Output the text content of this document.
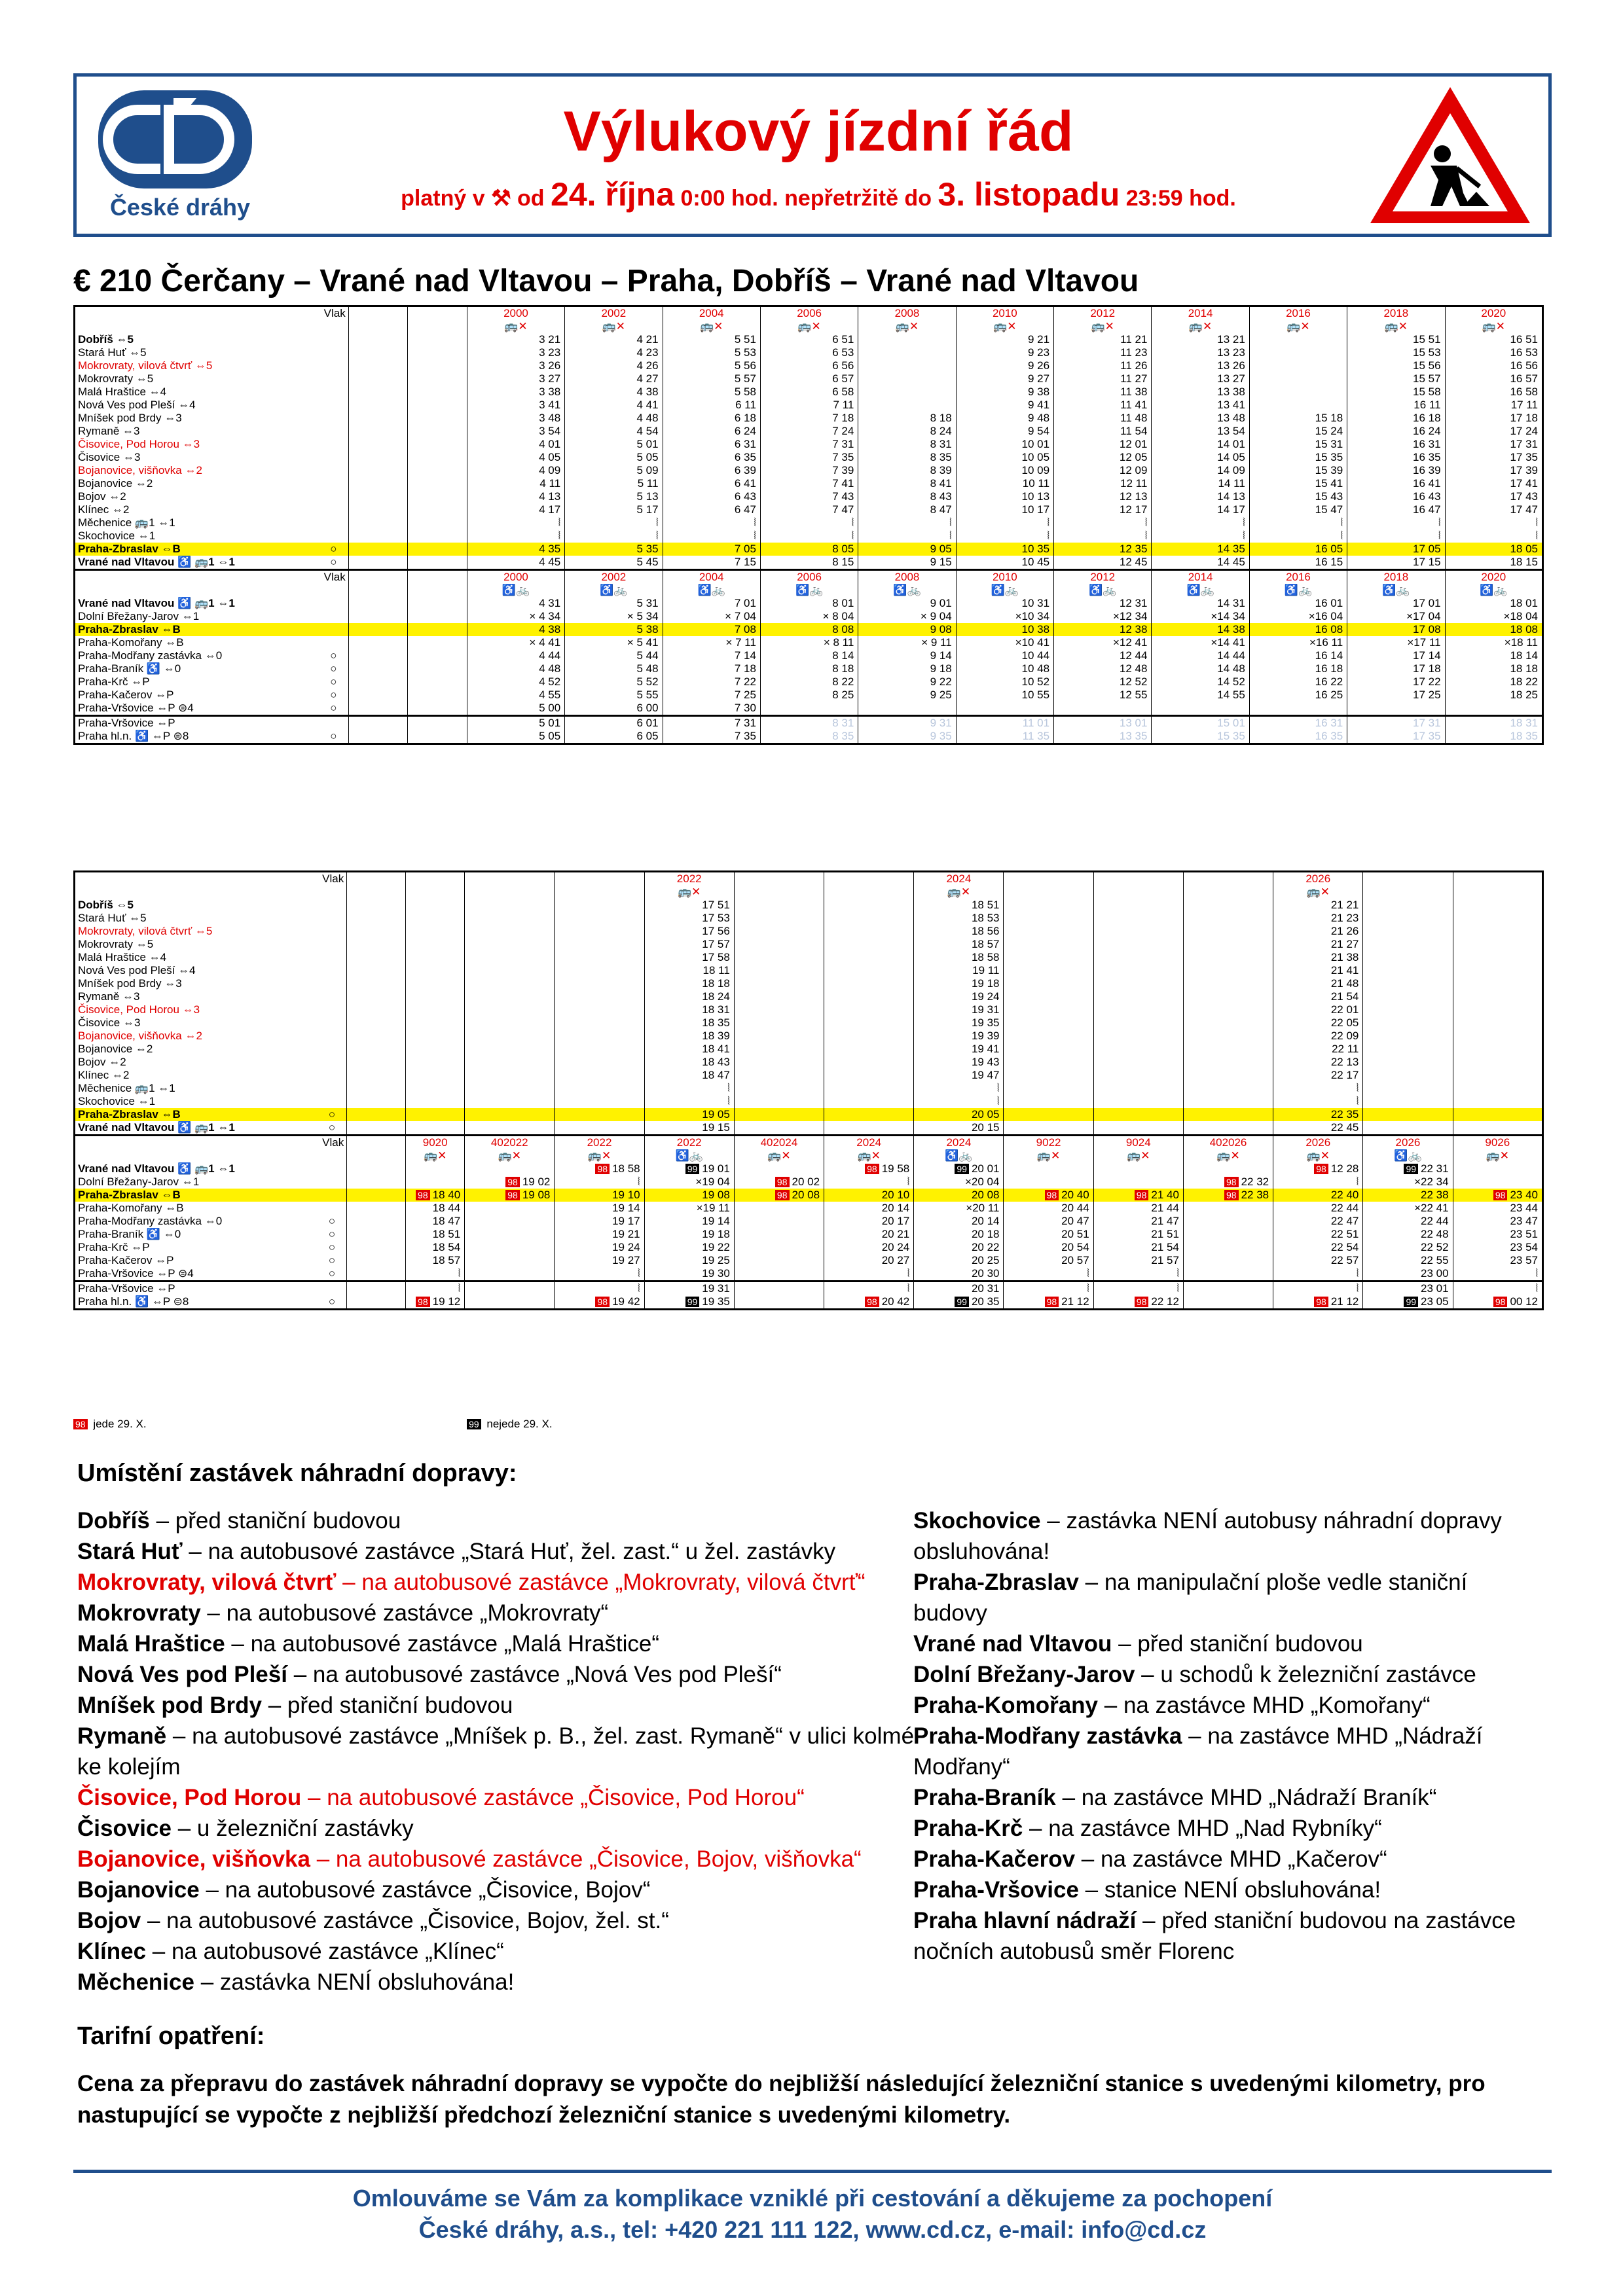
České dráhy
Výlukový jízdní řád
platný v ⚒ od 24. října 0:00 hod. nepřetržitě do 3. listopadu 23:59 hod.
€ 210 Čerčany – Vrané nad Vltavou – Praha, Dobříš – Vrané nad Vltavou
Vlak				2000	2002	2004	2006	2008	2010	2012	2014	2016	2018	2020
				🚌✕	🚌✕	🚌✕	🚌✕	🚌✕	🚌✕	🚌✕	🚌✕	🚌✕	🚌✕	🚌✕
Dobříš ⇔5				3 21	4 21	5 51	6 51		9 21	11 21	13 21		15 51	16 51
Stará Huť ⇔5				3 23	4 23	5 53	6 53		9 23	11 23	13 23		15 53	16 53
Mokrovraty, vilová čtvrť ⇔5				3 26	4 26	5 56	6 56		9 26	11 26	13 26		15 56	16 56
Mokrovraty ⇔5				3 27	4 27	5 57	6 57		9 27	11 27	13 27		15 57	16 57
Malá Hraštice ⇔4				3 38	4 38	5 58	6 58		9 38	11 38	13 38		15 58	16 58
Nová Ves pod Pleší ⇔4				3 41	4 41	6 11	7 11		9 41	11 41	13 41		16 11	17 11
Mníšek pod Brdy ⇔3				3 48	4 48	6 18	7 18	8 18	9 48	11 48	13 48	15 18	16 18	17 18
Rymaně ⇔3				3 54	4 54	6 24	7 24	8 24	9 54	11 54	13 54	15 24	16 24	17 24
Čisovice, Pod Horou ⇔3				4 01	5 01	6 31	7 31	8 31	10 01	12 01	14 01	15 31	16 31	17 31
Čisovice ⇔3				4 05	5 05	6 35	7 35	8 35	10 05	12 05	14 05	15 35	16 35	17 35
Bojanovice, višňovka ⇔2				4 09	5 09	6 39	7 39	8 39	10 09	12 09	14 09	15 39	16 39	17 39
Bojanovice ⇔2				4 11	5 11	6 41	7 41	8 41	10 11	12 11	14 11	15 41	16 41	17 41
Bojov ⇔2				4 13	5 13	6 43	7 43	8 43	10 13	12 13	14 13	15 43	16 43	17 43
Klínec ⇔2				4 17	5 17	6 47	7 47	8 47	10 17	12 17	14 17	15 47	16 47	17 47
Měchenice 🚌1 ⇔1				⦚	⦚	⦚	⦚	⦚	⦚	⦚	⦚	⦚	⦚	⦚
Skochovice ⇔1				⦚	⦚	⦚	⦚	⦚	⦚	⦚	⦚	⦚	⦚	⦚
Praha-Zbraslav ⇔B	○			4 35	5 35	7 05	8 05	9 05	10 35	12 35	14 35	16 05	17 05	18 05
Vrané nad Vltavou ♿ 🚌1 ⇔1	○			4 45	5 45	7 15	8 15	9 15	10 45	12 45	14 45	16 15	17 15	18 15
Vlak				2000	2002	2004	2006	2008	2010	2012	2014	2016	2018	2020
				♿🚲	♿🚲	♿🚲	♿🚲	♿🚲	♿🚲	♿🚲	♿🚲	♿🚲	♿🚲	♿🚲
Vrané nad Vltavou ♿ 🚌1 ⇔1				4 31	5 31	7 01	8 01	9 01	10 31	12 31	14 31	16 01	17 01	18 01
Dolní Břežany-Jarov ⇔1				× 4 34	× 5 34	× 7 04	× 8 04	× 9 04	×10 34	×12 34	×14 34	×16 04	×17 04	×18 04
Praha-Zbraslav ⇔B				4 38	5 38	7 08	8 08	9 08	10 38	12 38	14 38	16 08	17 08	18 08
Praha-Komořany ⇔B				× 4 41	× 5 41	× 7 11	× 8 11	× 9 11	×10 41	×12 41	×14 41	×16 11	×17 11	×18 11
Praha-Modřany zastávka ⇔0	○			4 44	5 44	7 14	8 14	9 14	10 44	12 44	14 44	16 14	17 14	18 14
Praha-Braník ♿ ⇔0	○			4 48	5 48	7 18	8 18	9 18	10 48	12 48	14 48	16 18	17 18	18 18
Praha-Krč ⇔P	○			4 52	5 52	7 22	8 22	9 22	10 52	12 52	14 52	16 22	17 22	18 22
Praha-Kačerov ⇔P	○			4 55	5 55	7 25	8 25	9 25	10 55	12 55	14 55	16 25	17 25	18 25
Praha-Vršovice ⇔P ⊜4	○			5 00	6 00	7 30								
Praha-Vršovice ⇔P				5 01	6 01	7 31	8 31	9 31	11 01	13 01	15 01	16 31	17 31	18 31
Praha hl.n. ♿ ⇔P ⊜8	○			5 05	6 05	7 35	8 35	9 35	11 35	13 35	15 35	16 35	17 35	18 35
Vlak						2022			2024				2026		
						🚌✕			🚌✕				🚌✕		
Dobříš ⇔5						17 51			18 51				21 21		
Stará Huť ⇔5						17 53			18 53				21 23		
Mokrovraty, vilová čtvrť ⇔5						17 56			18 56				21 26		
Mokrovraty ⇔5						17 57			18 57				21 27		
Malá Hraštice ⇔4						17 58			18 58				21 38		
Nová Ves pod Pleší ⇔4						18 11			19 11				21 41		
Mníšek pod Brdy ⇔3						18 18			19 18				21 48		
Rymaně ⇔3						18 24			19 24				21 54		
Čisovice, Pod Horou ⇔3						18 31			19 31				22 01		
Čisovice ⇔3						18 35			19 35				22 05		
Bojanovice, višňovka ⇔2						18 39			19 39				22 09		
Bojanovice ⇔2						18 41			19 41				22 11		
Bojov ⇔2						18 43			19 43				22 13		
Klínec ⇔2						18 47			19 47				22 17		
Měchenice 🚌1 ⇔1						⦚			⦚				⦚		
Skochovice ⇔1						⦚			⦚				⦚		
Praha-Zbraslav ⇔B	○					19 05			20 05				22 35		
Vrané nad Vltavou ♿ 🚌1 ⇔1	○					19 15			20 15				22 45		
Vlak			9020	402022	2022	2022	402024	2024	2024	9022	9024	402026	2026	2026	9026
			🚌✕	🚌✕	🚌✕	♿🚲	🚌✕	🚌✕	♿🚲	🚌✕	🚌✕	🚌✕	🚌✕	♿🚲	🚌✕
Vrané nad Vltavou ♿ 🚌1 ⇔1					98 18 58	99 19 01		98 19 58	99 20 01				98 12 28	99 22 31	
Dolní Břežany-Jarov ⇔1				98 19 02	⦚	×19 04	98 20 02	⦚	×20 04			98 22 32	⦚	×22 34	
Praha-Zbraslav ⇔B			98 18 40	98 19 08	19 10	19 08	98 20 08	20 10	20 08	98 20 40	98 21 40	98 22 38	22 40	22 38	98 23 40
Praha-Komořany ⇔B			18 44		19 14	×19 11		20 14	×20 11	20 44	21 44		22 44	×22 41	23 44
Praha-Modřany zastávka ⇔0	○		18 47		19 17	19 14		20 17	20 14	20 47	21 47		22 47	22 44	23 47
Praha-Braník ♿ ⇔0	○		18 51		19 21	19 18		20 21	20 18	20 51	21 51		22 51	22 48	23 51
Praha-Krč ⇔P	○		18 54		19 24	19 22		20 24	20 22	20 54	21 54		22 54	22 52	23 54
Praha-Kačerov ⇔P	○		18 57		19 27	19 25		20 27	20 25	20 57	21 57		22 57	22 55	23 57
Praha-Vršovice ⇔P ⊜4	○		⦚		⦚	19 30		⦚	20 30	⦚	⦚		⦚	23 00	⦚
Praha-Vršovice ⇔P			⦚		⦚	19 31		⦚	20 31	⦚	⦚		⦚	23 01	⦚
Praha hl.n. ♿ ⇔P ⊜8	○		98 19 12		98 19 42	99 19 35		98 20 42	99 20 35	98 21 12	98 22 12		98 21 12	99 23 05	98 00 12
98 jede 29. X.	99 nejede 29. X.
Umístění zastávek náhradní dopravy:
Dobříš – před staniční budovou
Stará Huť – na autobusové zastávce „Stará Huť, žel. zast.“ u žel. zastávky
Mokrovraty, vilová čtvrť – na autobusové zastávce „Mokrovraty, vilová čtvrť“
Mokrovraty – na autobusové zastávce „Mokrovraty“
Malá Hraštice – na autobusové zastávce „Malá Hraštice“
Nová Ves pod Pleší – na autobusové zastávce „Nová Ves pod Pleší“
Mníšek pod Brdy – před staniční budovou
Rymaně – na autobusové zastávce „Mníšek p. B., žel. zast. Rymaně“ v ulici kolmé ke kolejím
Čisovice, Pod Horou – na autobusové zastávce „Čisovice, Pod Horou“
Čisovice – u železniční zastávky
Bojanovice, višňovka – na autobusové zastávce „Čisovice, Bojov, višňovka“
Bojanovice – na autobusové zastávce „Čisovice, Bojov“
Bojov – na autobusové zastávce „Čisovice, Bojov, žel. st.“
Klínec – na autobusové zastávce „Klínec“
Měchenice – zastávka NENÍ obsluhována!
Skochovice – zastávka NENÍ autobusy náhradní dopravy obsluhována!
Praha-Zbraslav – na manipulační ploše vedle staniční budovy
Vrané nad Vltavou – před staniční budovou
Dolní Břežany-Jarov – u schodů k železniční zastávce
Praha-Komořany – na zastávce MHD „Komořany“
Praha-Modřany zastávka – na zastávce MHD „Nádraží Modřany“
Praha-Braník – na zastávce MHD „Nádraží Braník“
Praha-Krč – na zastávce MHD „Nad Rybníky“
Praha-Kačerov – na zastávce MHD „Kačerov“
Praha-Vršovice – stanice NENÍ obsluhována!
Praha hlavní nádraží – před staniční budovou na zastávce nočních autobusů směr Florenc
Tarifní opatření:
Cena za přepravu do zastávek náhradní dopravy se vypočte do nejbližší následující železniční stanice s uvedenými kilometry, pro nastupující se vypočte z nejbližší předchozí železniční stanice s uvedenými kilometry.
Omlouváme se Vám za komplikace vzniklé při cestování a děkujeme za pochopení
České dráhy, a.s., tel: +420 221 111 122, www.cd.cz, e-mail: info@cd.cz
